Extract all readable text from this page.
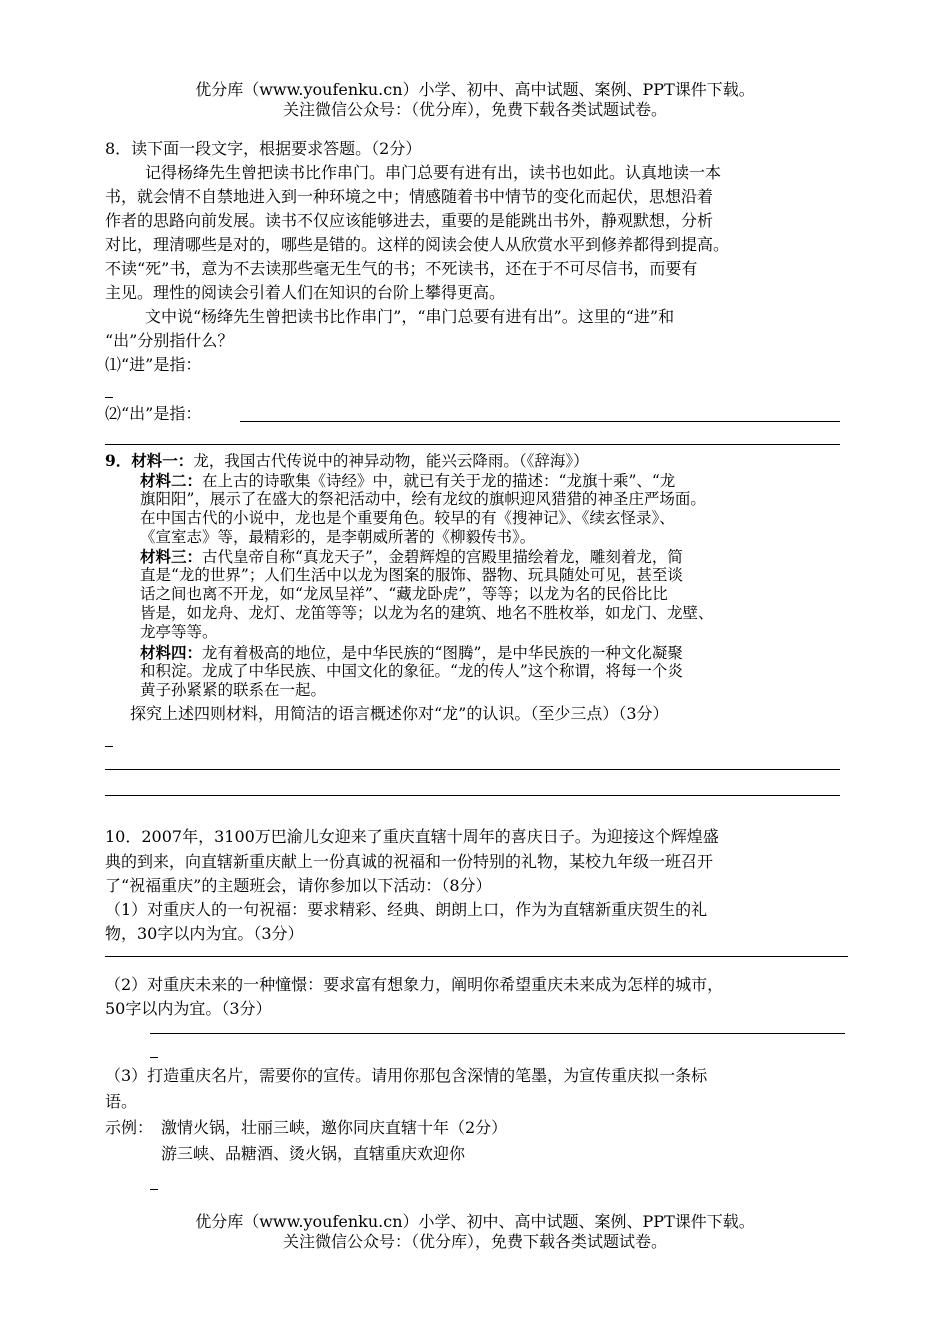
优分库（www.youfenku.cn）小学、初中、高中试题、案例、PPT课件下载。
关注微信公众号：（优分库），免费下载各类试题试卷。
8．读下面一段文字，根据要求答题。（2分）
记得杨绛先生曾把读书比作串门。串门总要有进有出，读书也如此。认真地读一本
书，就会情不自禁地进入到一种环境之中；情感随着书中情节的变化而起伏，思想沿着
作者的思路向前发展。读书不仅应该能够进去，重要的是能跳出书外，静观默想，分析
对比，理清哪些是对的，哪些是错的。这样的阅读会使人从欣赏水平到修养都得到提高。
不读“死”书，意为不去读那些毫无生气的书；不死读书，还在于不可尽信书，而要有
主见。理性的阅读会引着人们在知识的台阶上攀得更高。
文中说“杨绛先生曾把读书比作串门”，“串门总要有进有出”。这里的“进”和
“出”分别指什么？
⑴“进”是指：
⑵“出”是指：
9．材料一：龙，我国古代传说中的神异动物，能兴云降雨。（《辞海》）
材料二：在上古的诗歌集《诗经》中，就已有关于龙的描述：“龙旗十乘”、“龙
旗阳阳”，展示了在盛大的祭祀活动中，绘有龙纹的旗帜迎风猎猎的神圣庄严场面。
在中国古代的小说中，龙也是个重要角色。较早的有《搜神记》、《续玄怪录》、
《宣室志》等，最精彩的，是李朝威所著的《柳毅传书》。
材料三：古代皇帝自称“真龙天子”，金碧辉煌的宫殿里描绘着龙，雕刻着龙，简
直是“龙的世界”；人们生活中以龙为图案的服饰、器物、玩具随处可见，甚至谈
话之间也离不开龙，如“龙凤呈祥”、“藏龙卧虎”，等等；以龙为名的民俗比比
皆是，如龙舟、龙灯、龙笛等等；以龙为名的建筑、地名不胜枚举，如龙门、龙壁、
龙亭等等。
材料四：龙有着极高的地位，是中华民族的“图腾”，是中华民族的一种文化凝聚
和积淀。龙成了中华民族、中国文化的象征。“龙的传人”这个称谓，将每一个炎
黄子孙紧紧的联系在一起。
探究上述四则材料，用简洁的语言概述你对“龙”的认识。（至少三点）（3分）
10．2007年，3100万巴渝儿女迎来了重庆直辖十周年的喜庆日子。为迎接这个辉煌盛
典的到来，向直辖新重庆献上一份真诚的祝福和一份特别的礼物，某校九年级一班召开
了“祝福重庆”的主题班会，请你参加以下活动：（8分）
（1）对重庆人的一句祝福：要求精彩、经典、朗朗上口，作为为直辖新重庆贺生的礼
物，30字以内为宜。（3分）
（2）对重庆未来的一种憧憬：要求富有想象力，阐明你希望重庆未来成为怎样的城市，
50字以内为宜。（3分）
（3）打造重庆名片，需要你的宣传。请用你那包含深情的笔墨，为宣传重庆拟一条标
语。
示例： 激情火锅，壮丽三峡，邀你同庆直辖十年（2分）
游三峡、品糖酒、烫火锅，直辖重庆欢迎你
优分库（www.youfenku.cn）小学、初中、高中试题、案例、PPT课件下载。
关注微信公众号：（优分库），免费下载各类试题试卷。
